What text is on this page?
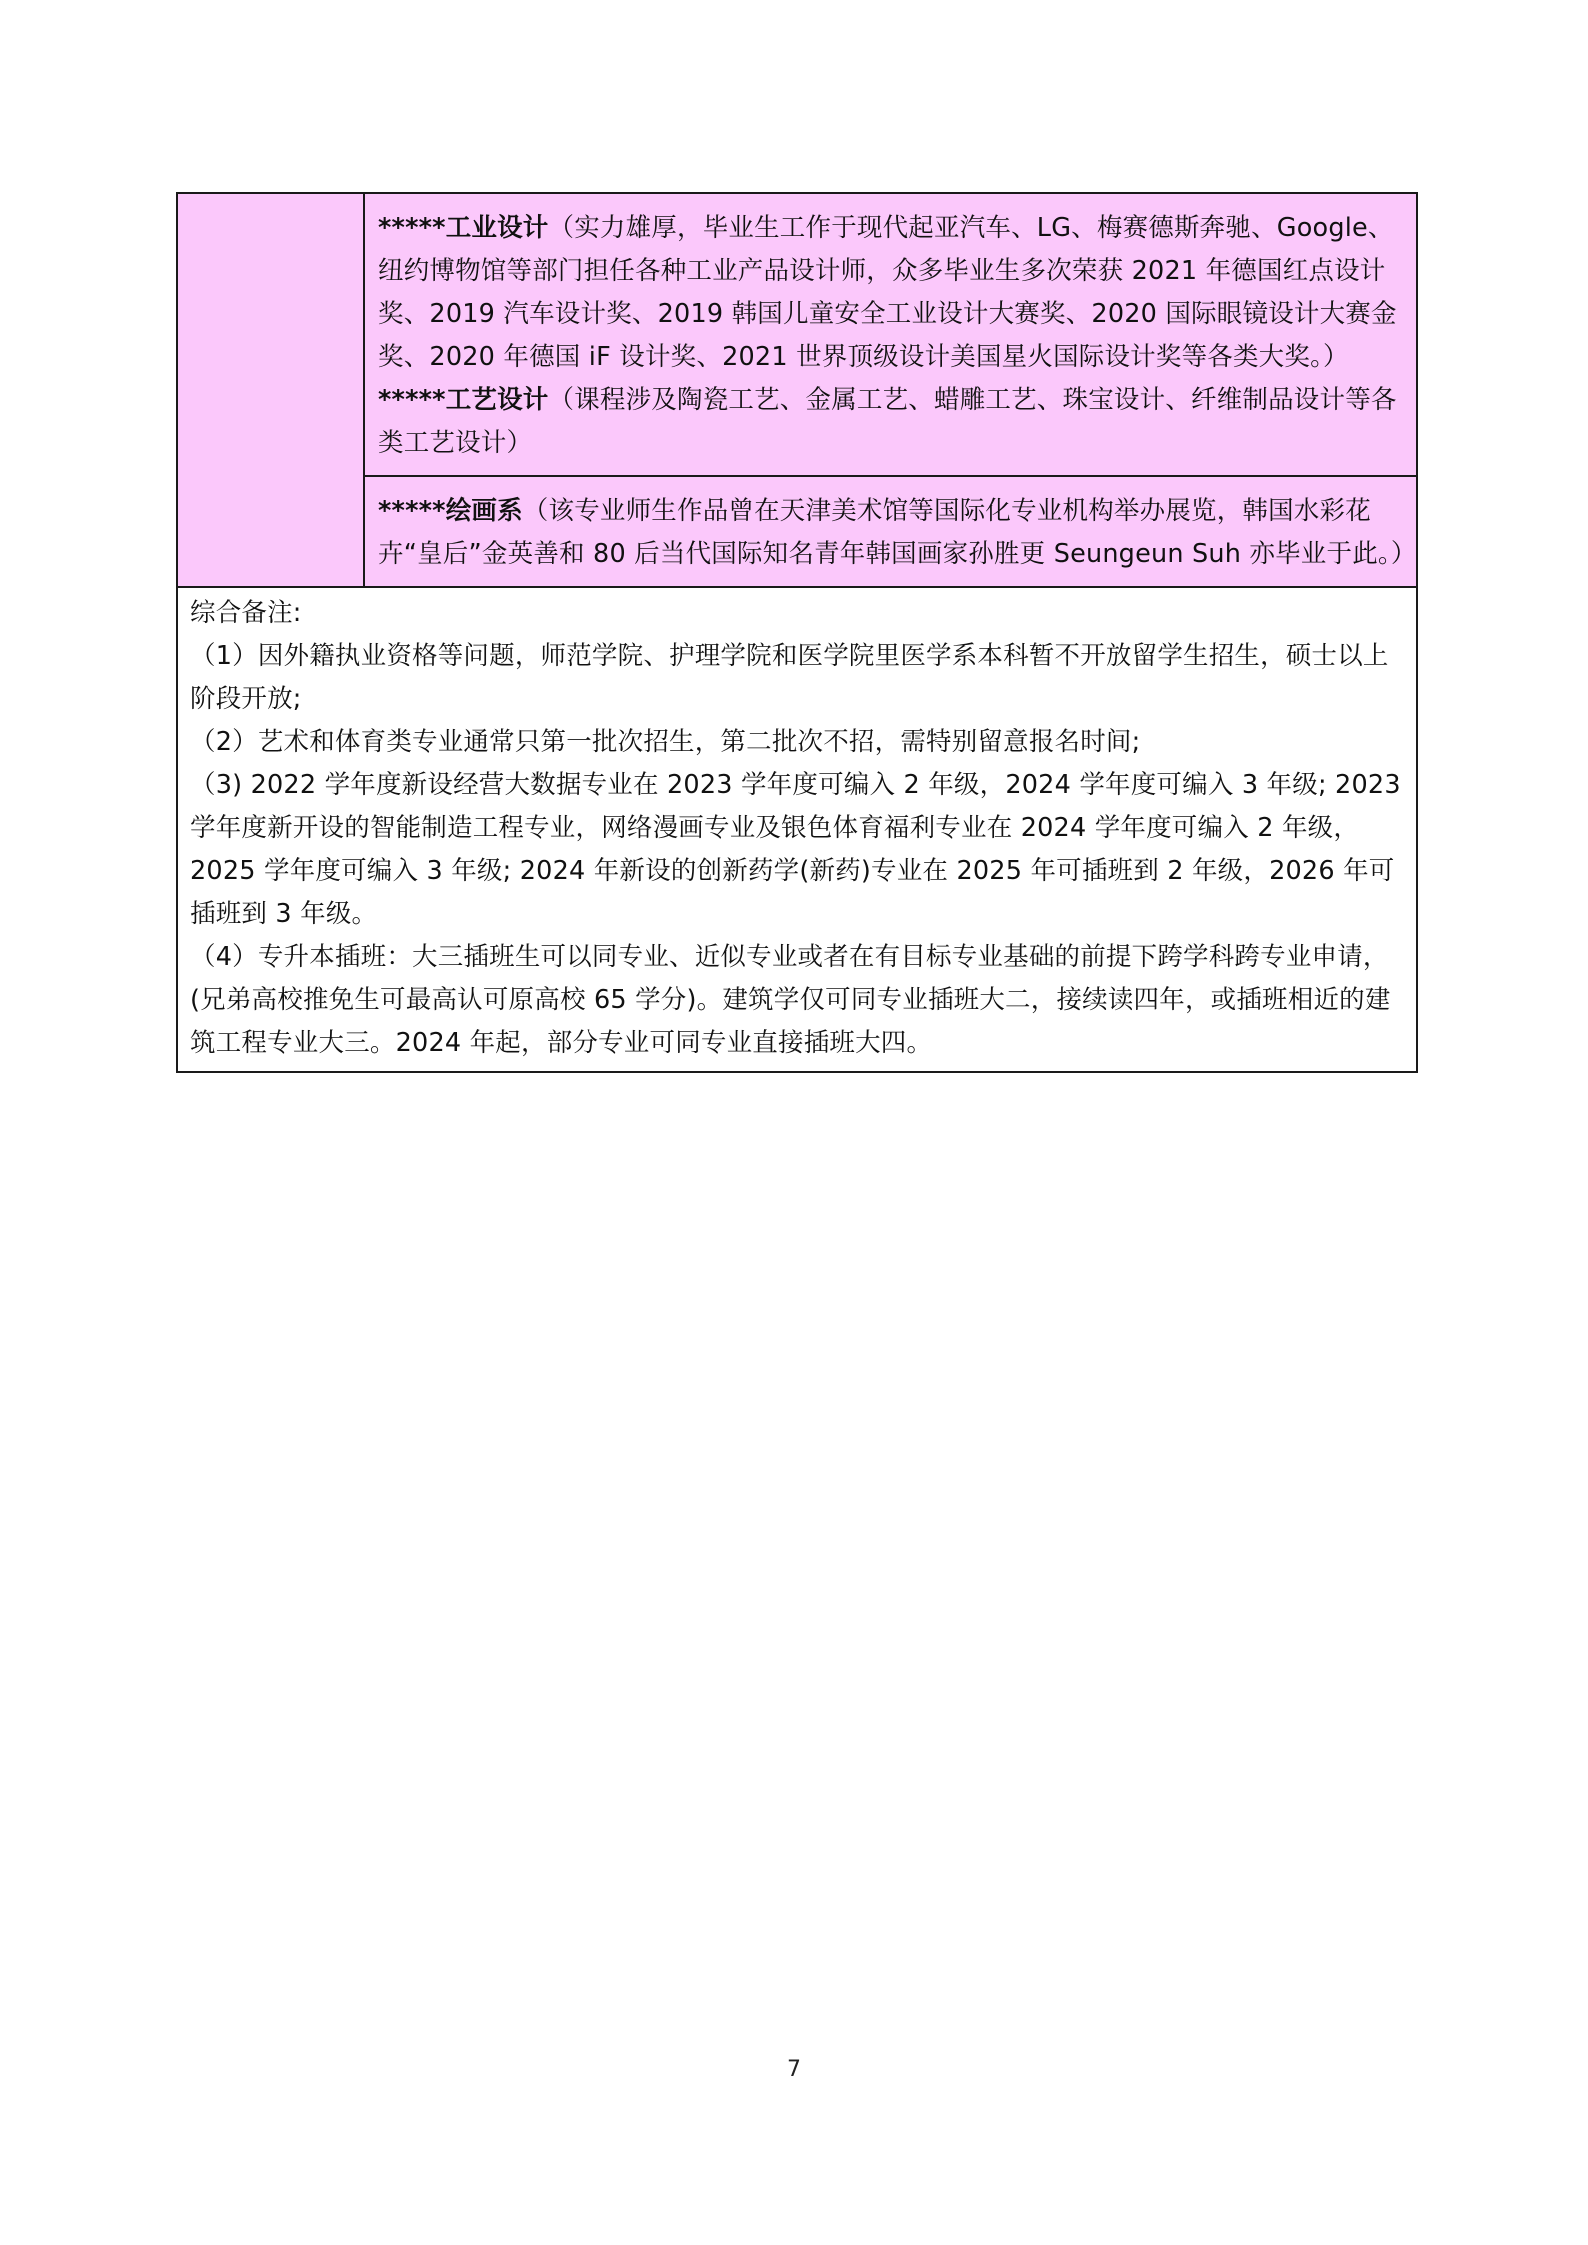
*****工业设计（实力雄厚，毕业生工作于现代起亚汽车、LG、梅赛德斯奔驰、Google、纽约博物馆等部门担任各种工业产品设计师，众多毕业生多次荣获 2021 年德国红点设计奖、2019 汽车设计奖、2019 韩国儿童安全工业设计大赛奖、2020 国际眼镜设计大赛金奖、2020 年德国 iF 设计奖、2021 世界顶级设计美国星火国际设计奖等各类大奖。）

*****工艺设计（课程涉及陶瓷工艺、金属工艺、蜡雕工艺、珠宝设计、纤维制品设计等各类工艺设计）

*****绘画系（该专业师生作品曾在天津美术馆等国际化专业机构举办展览，韩国水彩花卉“皇后”金英善和 80 后当代国际知名青年韩国画家孙胜更 Seungeun Suh 亦毕业于此。）

综合备注:

（1）因外籍执业资格等问题，师范学院、护理学院和医学院里医学系本科暂不开放留学生招生，硕士以上阶段开放;

（2）艺术和体育类专业通常只第一批次招生，第二批次不招，需特别留意报名时间;

（3) 2022 学年度新设经营大数据专业在 2023 学年度可编入 2 年级，2024 学年度可编入 3 年级; 2023 学年度新开设的智能制造工程专业，网络漫画专业及银色体育福利专业在 2024 学年度可编入 2 年级，2025 学年度可编入 3 年级; 2024 年新设的创新药学(新药)专业在 2025 年可插班到 2 年级，2026 年可插班到 3 年级。

（4）专升本插班：大三插班生可以同专业、近似专业或者在有目标专业基础的前提下跨学科跨专业申请，(兄弟高校推免生可最高认可原高校 65 学分)。建筑学仅可同专业插班大二，接续读四年，或插班相近的建筑工程专业大三。2024 年起，部分专业可同专业直接插班大四。

7
